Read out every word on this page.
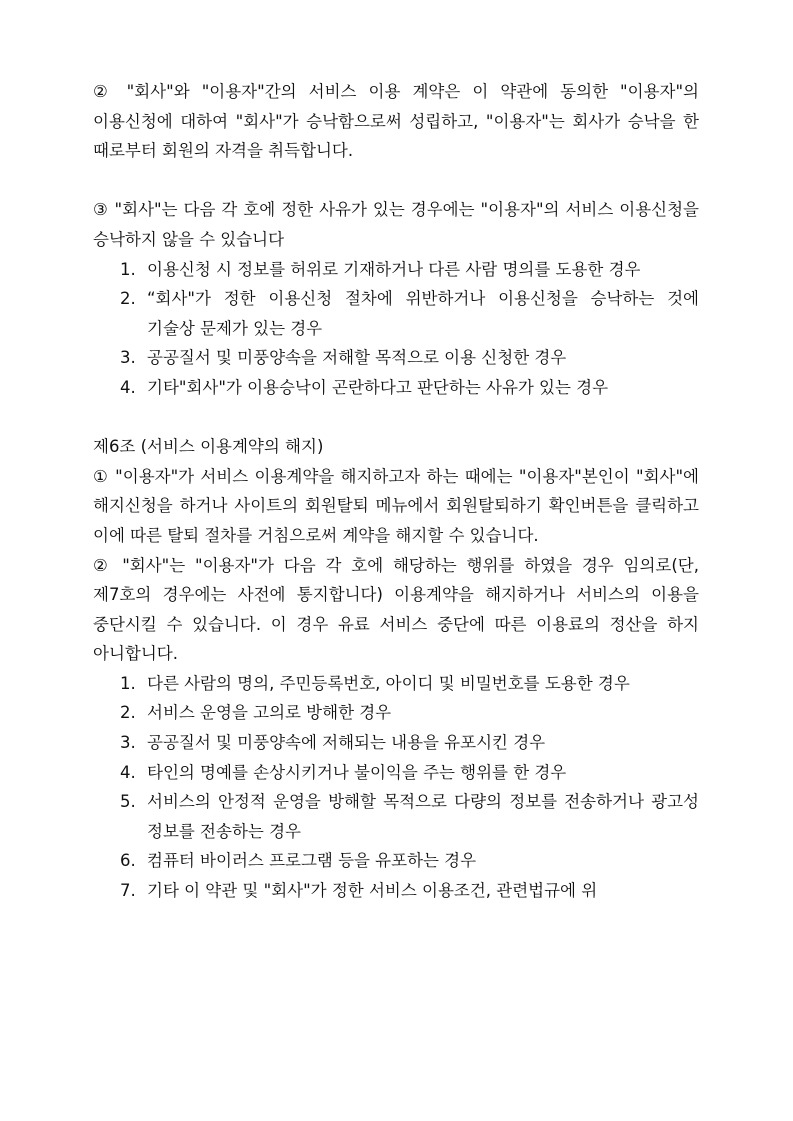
② "회사"와 "이용자"간의 서비스 이용 계약은 이 약관에 동의한 "이용자"의 이용신청에 대하여 "회사"가 승낙함으로써 성립하고, "이용자"는 회사가 승낙을 한 때로부터 회원의 자격을 취득합니다.

③ "회사"는 다음 각 호에 정한 사유가 있는 경우에는 "이용자"의 서비스 이용신청을 승낙하지 않을 수 있습니다

1. 이용신청 시 정보를 허위로 기재하거나 다른 사람 명의를 도용한 경우
2. “회사"가 정한 이용신청 절차에 위반하거나 이용신청을 승낙하는 것에 기술상 문제가 있는 경우
3. 공공질서 및 미풍양속을 저해할 목적으로 이용 신청한 경우
4. 기타"회사"가 이용승낙이 곤란하다고 판단하는 사유가 있는 경우

제6조 (서비스 이용계약의 해지)

① "이용자"가 서비스 이용계약을 해지하고자 하는 때에는 "이용자"본인이 "회사"에 해지신청을 하거나 사이트의 회원탈퇴 메뉴에서 회원탈퇴하기 확인버튼을 클릭하고 이에 따른 탈퇴 절차를 거침으로써 계약을 해지할 수 있습니다.

② "회사"는 "이용자"가 다음 각 호에 해당하는 행위를 하였을 경우 임의로(단, 제7호의 경우에는 사전에 통지합니다) 이용계약을 해지하거나 서비스의 이용을 중단시킬 수 있습니다. 이 경우 유료 서비스 중단에 따른 이용료의 정산을 하지 아니합니다.

1. 다른 사람의 명의, 주민등록번호, 아이디 및 비밀번호를 도용한 경우
2. 서비스 운영을 고의로 방해한 경우
3. 공공질서 및 미풍양속에 저해되는 내용을 유포시킨 경우
4. 타인의 명예를 손상시키거나 불이익을 주는 행위를 한 경우
5. 서비스의 안정적 운영을 방해할 목적으로 다량의 정보를 전송하거나 광고성 정보를 전송하는 경우
6. 컴퓨터 바이러스 프로그램 등을 유포하는 경우
7. 기타 이 약관 및 "회사"가 정한 서비스 이용조건, 관련법규에 위
